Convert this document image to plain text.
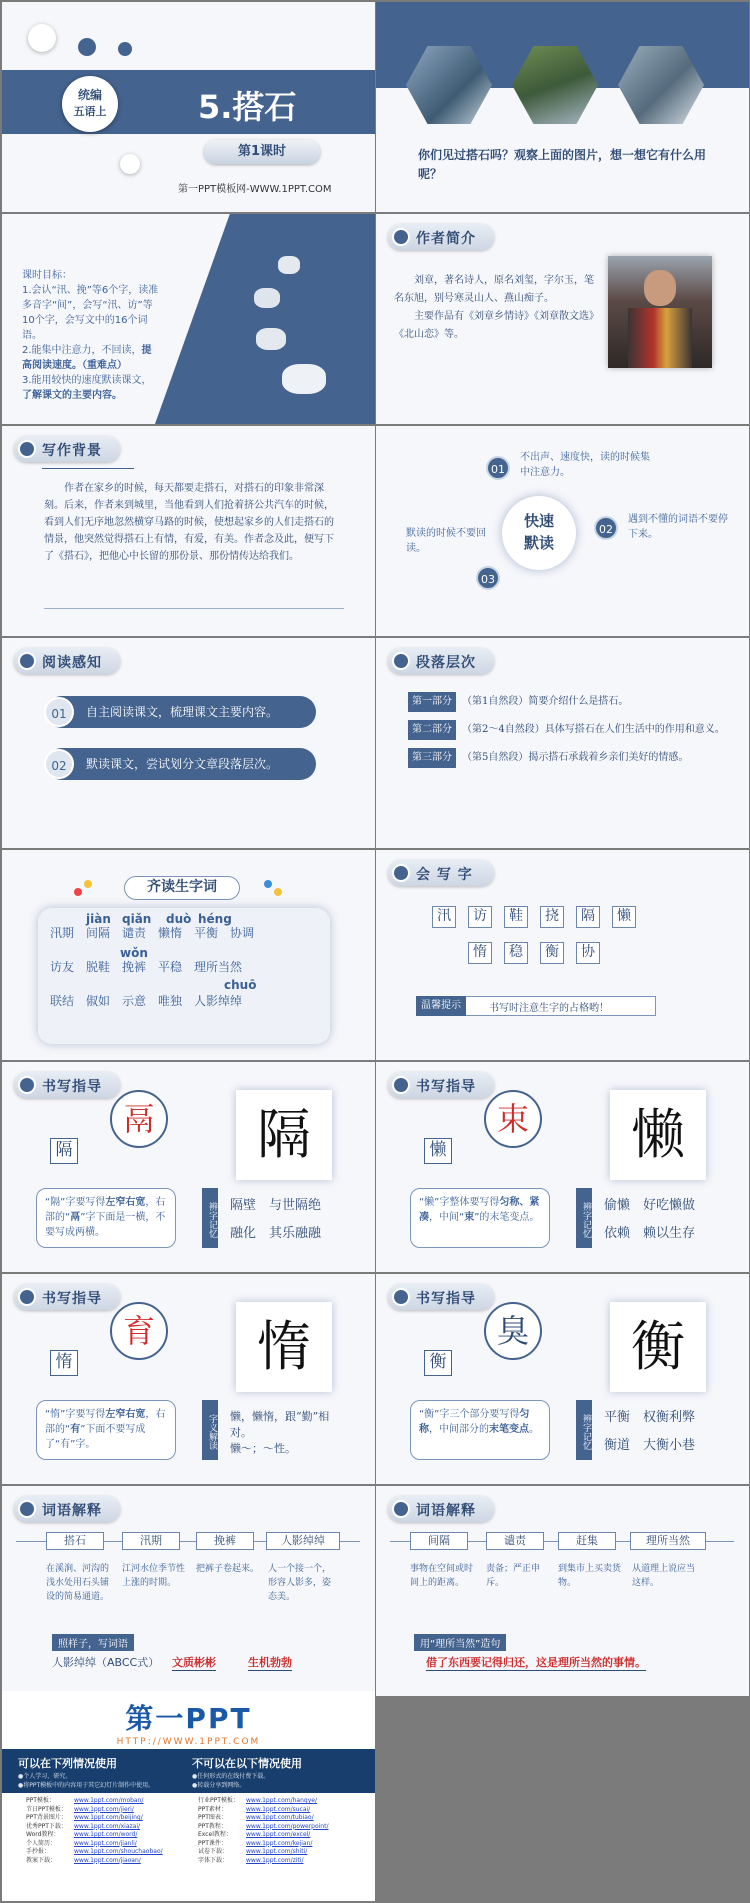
统编
五语上	5.搭石
第1课时
第一PPT模板网-WWW.1PPT.COM
你们见过搭石吗？观察上面的图片，想一想它有什么用呢？
课时目标：
1.会认“汛、挽”等6个字，读准多音字“间”，会写“汛、访”等10个字，会写文中的16个词语。
2.能集中注意力，不回读，提高阅读速度。（重难点）
3.能用较快的速度默读课文，了解课文的主要内容。
作者简介
刘章，著名诗人，原名刘玺，字尔玉，笔名东旭，别号寒灵山人、燕山痴子。
主要作品有《刘章乡情诗》《刘章散文选》《北山恋》等。
写作背景
作者在家乡的时候，每天都要走搭石，对搭石的印象非常深刻。后来，作者来到城里，当他看到人们抢着挤公共汽车的时候，看到人们无序地忽然横穿马路的时候，使想起家乡的人们走搭石的情景，他突然觉得搭石上有情，有爱，有美。作者念及此，便写下了《搭石》，把他心中长留的那份景、那份情传达给我们。
快速
默读
01
不出声、速度快，读的时候集中注意力。
02
遇到不懂的词语不要停下来。
03
默读的时候不要回读。
阅读感知
01	自主阅读课文，梳理课文主要内容。
02	默读课文，尝试划分文章段落层次。
段落层次
第一部分 （第1自然段）简要介绍什么是搭石。
第二部分 （第2～4自然段）具体写搭石在人们生活中的作用和意义。
第三部分 （第5自然段）揭示搭石承载着乡亲们美好的情感。
齐读生字词
jiàn qiǎn duò héng
wǒn
chuō
汛期 间隔 谴责 懒惰 平衡 协调
访友 脱鞋 挽裤 平稳 理所当然
联结 俶如 示意 唯独 人影绰绰
会 写 字
汛	访	鞋	挠	隔	懒
惰	稳	衡	协
温馨提示	书写时注意生字的占格哟！
书写指导
隔
鬲	隔
“隔”字要写得左窄右宽，右部的“鬲”字下面是一横，不要写成两横。	辨字记忆 隔壁　与世隔绝
融化　其乐融融
书写指导
懒
束	懒
“懒”字整体要写得匀称、紧凑，中间“束”的末笔变点。	辨字记忆 偷懒　好吃懒做
依赖　赖以生存
书写指导
惰
育	惰
“惰”字要写得左窄右宽，右部的“有”下面不要写成了“有”字。	字义解读 懒，懒惰，跟“勤”相对。
懒～；～性。
书写指导
衡
臭	衡
“衡”字三个部分要写得匀称，中间部分的末笔变点。	辨字记忆 平衡　权衡利弊
衡道　大衡小巷
词语解释
搭石	汛期	挽裤	人影绰绰
在溪涧、河沟的浅水处用石头铺设的简易通道。
江河水位季节性上涨的时期。
把裤子卷起来。 人一个接一个，形容人影多，姿态美。
照样子，写词语
人影绰绰（ABCC式） 文质彬彬	生机勃勃
词语解释
间隔	谴责	赶集	理所当然
事物在空间或时间上的距离。
责备；严正申斥。
到集市上买卖货物。
从道理上说应当这样。
用“理所当然”造句
借了东西要记得归还，这是理所当然的事情。
第一PPT
HTTP://WWW.1PPT.COM
可以在下列情况使用
●个人学习、研究。
●将PPT模板中的内容用于其它幻灯片制作中使用。
不可以在以下情况使用
●任何形式的在线付费下载。
●转载分享到网络。
PPT模板：	www.1ppt.com/moban/
节日PPT模板： www.1ppt.com/jieri/
PPT背景图片： www.1ppt.com/beijing/
优秀PPT下载： www.1ppt.com/xiazai/
Word教程： www.1ppt.com/word/
个人简历：	www.1ppt.com/jianli/
手抄报：	www.1ppt.com/shouchaobao/
教案下载：	www.1ppt.com/jiaoan/
行业PPT模板： www.1ppt.com/hangye/
PPT素材：	www.1ppt.com/sucai/
PPT图表：	www.1ppt.com/tubiao/
PPT教程：	www.1ppt.com/powerpoint/
Excel教程： www.1ppt.com/excel/
PPT课件：	www.1ppt.com/kejian/
试卷下载：	www.1ppt.com/shiti/
字体下载：	www.1ppt.com/ziti/
